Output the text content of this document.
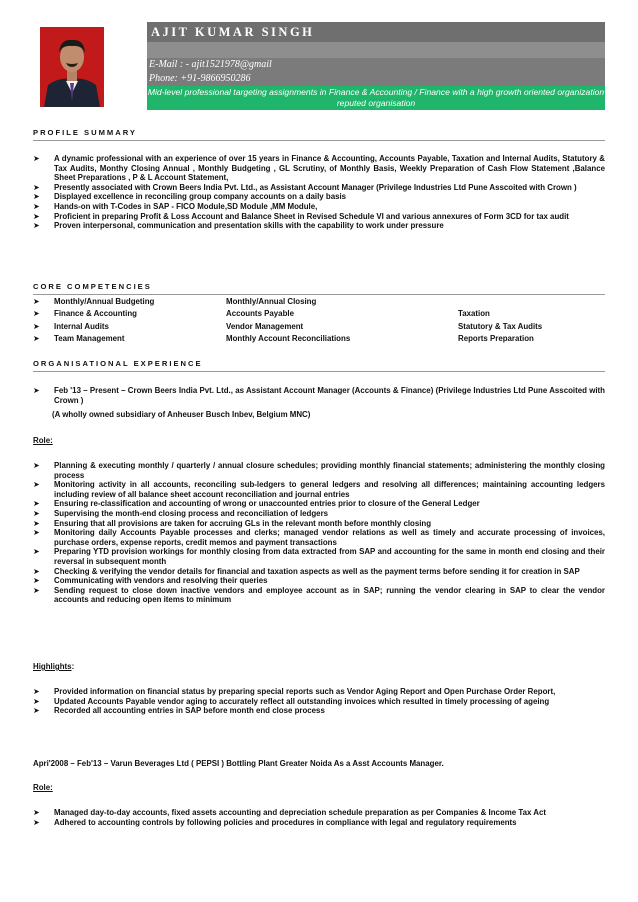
AJIT KUMAR SINGH
E-Mail : - ajit1521978@gmail
Phone: +91-9866950286
Mid-level professional targeting assignments in Finance & Accounting / Finance with a high growth oriented organization reputed organisation
PROFILE SUMMARY
➤ A dynamic professional with an experience of over 15 years in Finance & Accounting, Accounts Payable, Taxation and Internal Audits, Statutory & Tax Audits, Monthy Closing Annual , Monthly Budgeting , GL Scrutiny, of Monthly Basis, Weekly Preparation of Cash Flow Statement ,Balance Sheet Preparations , P & L Account Statement,
➤ Presently associated with Crown Beers India Pvt. Ltd., as Assistant Account Manager (Privilege Industries Ltd Pune Asscoited with Crown )
➤ Displayed excellence in reconciling group company accounts on a daily basis
➤ Hands-on with T-Codes in SAP - FICO Module,SD Module ,MM Module,
➤ Proficient in preparing Profit & Loss Account and Balance Sheet in Revised Schedule VI and various annexures of Form 3CD for tax audit
➤ Proven interpersonal, communication and presentation skills with the capability to work under pressure
CORE COMPETENCIES
➤ Monthly/Annual Budgeting	Monthly/Annual Closing
➤ Finance & Accounting	Accounts Payable	Taxation
➤ Internal Audits	Vendor Management	Statutory & Tax Audits
➤ Team Management	Monthly Account Reconciliations	Reports Preparation
ORGANISATIONAL EXPERIENCE
➤ Feb '13 – Present – Crown Beers India Pvt. Ltd., as Assistant Account Manager (Accounts & Finance) (Privilege Industries Ltd Pune Asscoited with Crown )
(A wholly owned subsidiary of Anheuser Busch Inbev, Belgium MNC)
Role:
➤ Planning & executing monthly / quarterly / annual closure schedules; providing monthly financial statements; administering the monthly closing process
➤ Monitoring activity in all accounts, reconciling sub-ledgers to general ledgers and resolving all differences; maintaining accounting ledgers including review of all balance sheet account reconciliation and journal entries
➤ Ensuring re-classification and accounting of wrong or unaccounted entries prior to closure of the General Ledger
➤ Supervising the month-end closing process and reconciliation of ledgers
➤ Ensuring that all provisions are taken for accruing GLs in the relevant month before monthly closing
➤ Monitoring daily Accounts Payable processes and clerks; managed vendor relations as well as timely and accurate processing of invoices, purchase orders, expense reports, credit memos and payment transactions
➤ Preparing YTD provision workings for monthly closing from data extracted from SAP and accounting for the same in month end closing and their reversal in subsequent month
➤ Checking & verifying the vendor details for financial and taxation aspects as well as the payment terms before sending it for creation in SAP
➤ Communicating with vendors and resolving their queries
➤ Sending request to close down inactive vendors and employee account as in SAP; running the vendor clearing in SAP to clear the vendor accounts and reducing open items to minimum
Highlights:
➤ Provided information on financial status by preparing special reports such as Vendor Aging Report and Open Purchase Order Report,
➤ Updated Accounts Payable vendor aging to accurately reflect all outstanding invoices which resulted in timely processing of ageing
➤ Recorded all accounting entries in SAP before month end close process
Apri'2008 – Feb'13 – Varun Beverages Ltd ( PEPSI ) Bottling Plant Greater Noida As a Asst Accounts Manager.
Role:
➤ Managed day-to-day accounts, fixed assets accounting and depreciation schedule preparation as per Companies & Income Tax Act
➤ Adhered to accounting controls by following policies and procedures in compliance with legal and regulatory requirements
